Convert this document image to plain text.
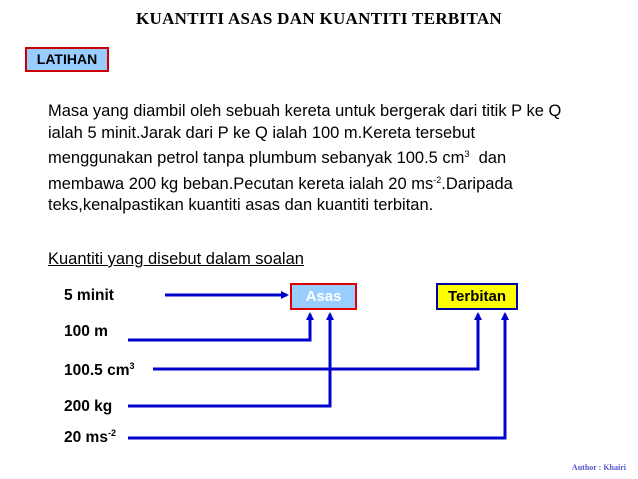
KUANTITI ASAS DAN KUANTITI TERBITAN
LATIHAN
Masa yang diambil oleh sebuah kereta untuk bergerak dari titik P ke Q
ialah 5 minit.Jarak dari P ke Q ialah 100 m.Kereta tersebut
menggunakan petrol tanpa plumbum sebanyak 100.5 $cm^3$ dan
membawa 200 kg beban.Pecutan kereta ialah 20 $ms^{-2}.Daripada$
teks,kenalpastikan kuantiti asas dan kuantiti terbitan.
Kuantiti yang disebut dalam soalan
5 minit
100 m
100.5 $cm^3$
200 kg
20 $ms^{-2}$
Asas	Terbitan
Author : Khairi
